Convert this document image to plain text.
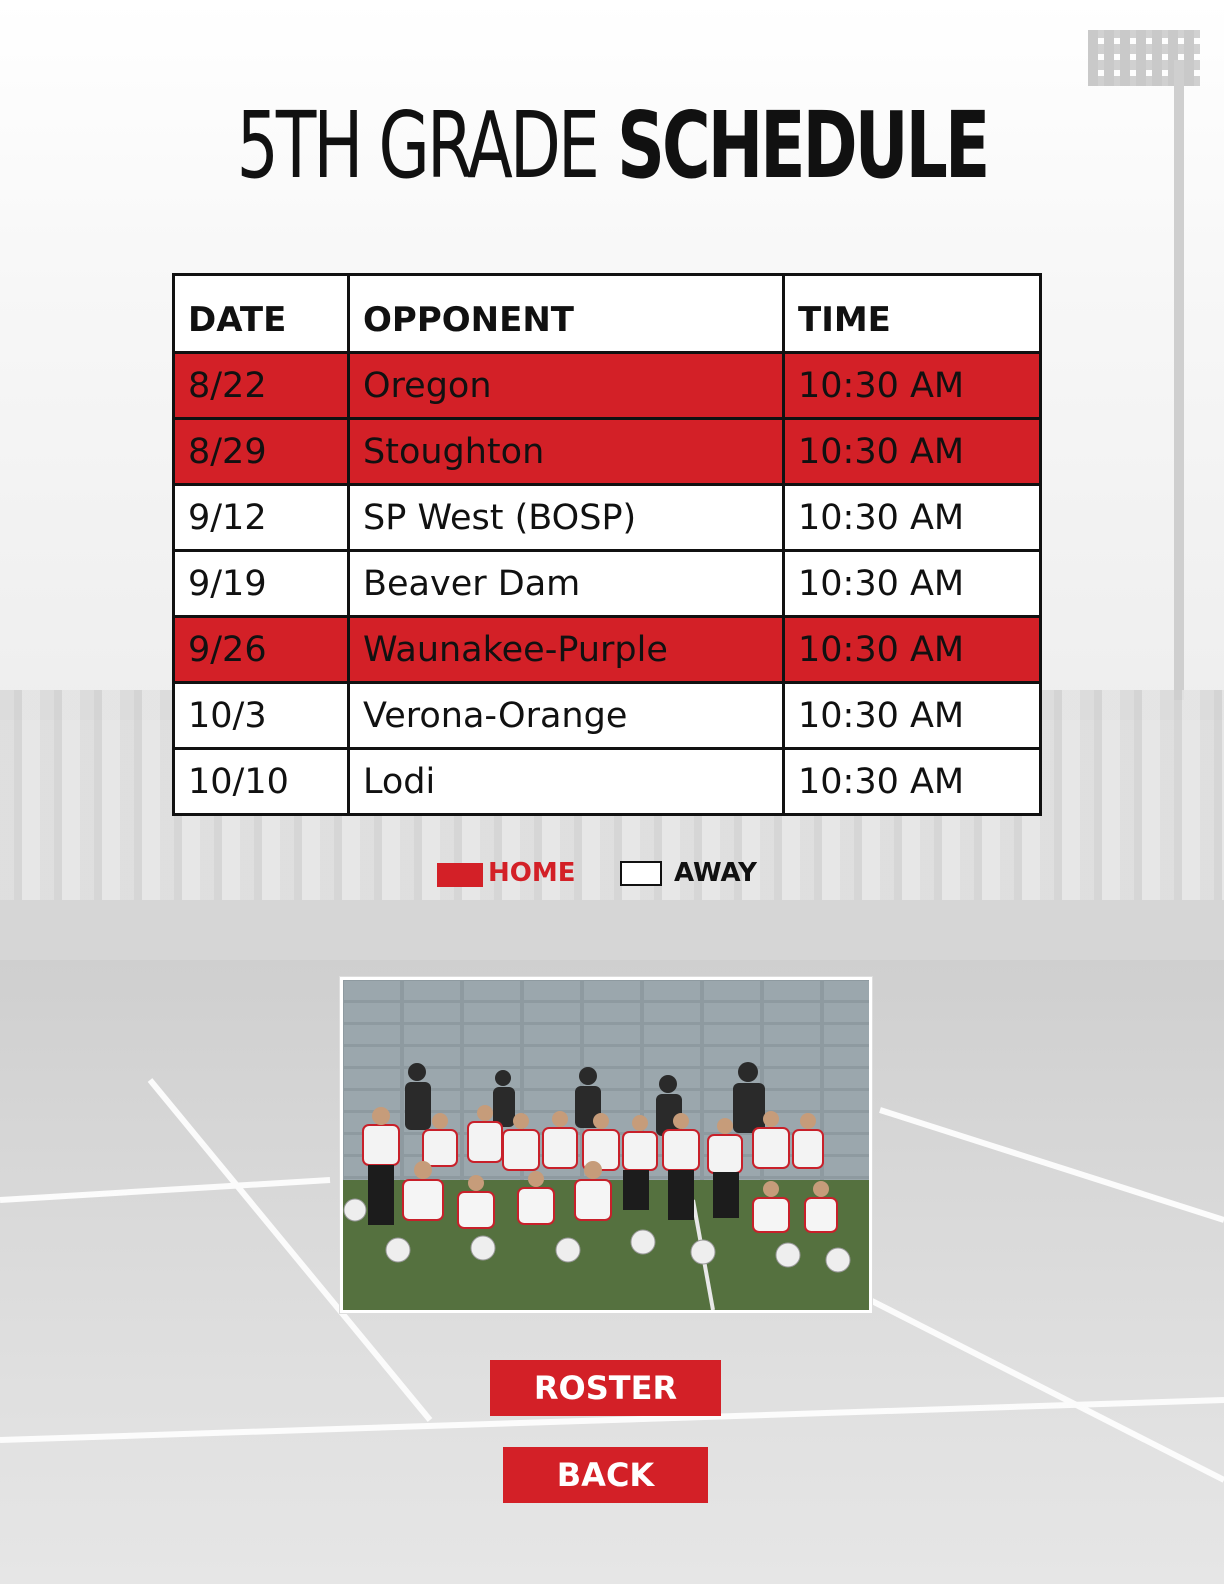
5TH GRADE SCHEDULE
DATE	OPPONENT	TIME
8/22	Oregon	10:30 AM
8/29	Stoughton	10:30 AM
9/12	SP West (BOSP)	10:30 AM
9/19	Beaver Dam	10:30 AM
9/26	Waunakee-Purple	10:30 AM
10/3	Verona-Orange	10:30 AM
10/10	Lodi	10:30 AM
HOME	AWAY
ROSTER
BACK
